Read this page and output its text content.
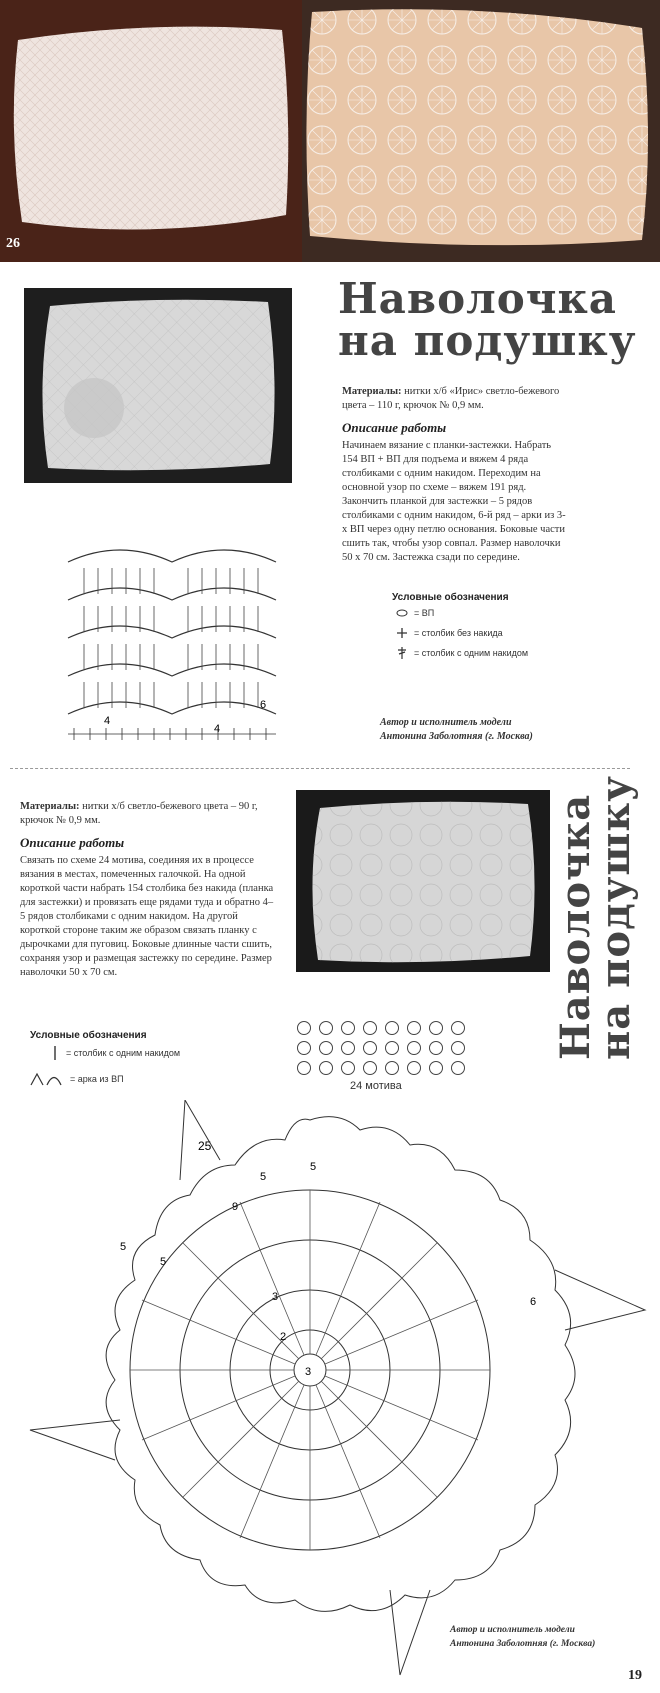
26
Наволочка
на подушку
Материалы: нитки х/б «Ирис» светло-бежевого цвета – 110 г, крючок № 0,9 мм.
Описание работы
Начинаем вязание с планки-застежки. Набрать 154 ВП + ВП для подъема и вяжем 4 ряда столбиками с одним накидом. Переходим на основной узор по схеме – вяжем 191 ряд. Закончить планкой для застежки – 5 рядов столбиками с одним накидом, 6-й ряд – арки из 3-х ВП через одну петлю основания. Боковые части сшить так, чтобы узор совпал. Размер наволочки 50 х 70 см. Застежка сзади по середине.
6
4
4
Условные обозначения
= ВП
= столбик без накида
= столбик с одним накидом
Автор и исполнитель модели
Антонина Заболотняя (г. Москва)
Материалы: нитки х/б светло-бежевого цвета – 90 г, крючок № 0,9 мм.
Описание работы
Связать по схеме 24 мотива, соединяя их в процессе вязания в местах, помеченных галочкой. На одной короткой части набрать 154 столбика без накида (планка для застежки) и провязать еще рядами туда и обратно 4–5 рядов столбиками с одним накидом. На другой короткой стороне таким же образом связать планку с дырочками для пуговиц. Боковые длинные части сшить, сохраняя узор и размещая застежку по середине. Размер наволочки 50 х 70 см.	Наволочка
на подушку
Условные обозначения
= столбик с одним накидом
= арка из ВП
24 мотива
25
5
5
5
5
9
3
2
3
6
Автор и исполнитель модели
Антонина Заболотняя (г. Москва)
19
